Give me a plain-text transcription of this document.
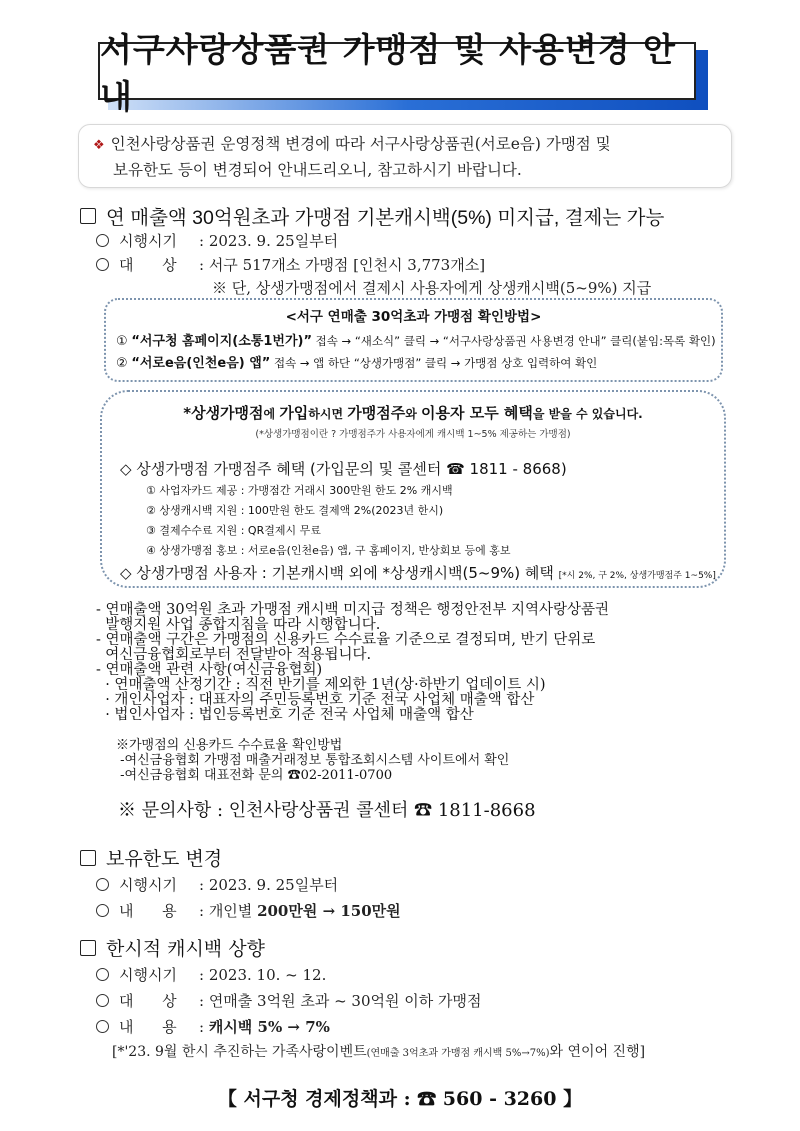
서구사랑상품권 가맹점 및 사용변경 안내
❖ 인천사랑상품권 운영정책 변경에 따라 서구사랑상품권(서로e음) 가맹점 및
보유한도 등이 변경되어 안내드리오니, 참고하시기 바랍니다.
연 매출액 30억원초과 가맹점 기본캐시백(5%) 미지급, 결제는 가능
시행시기 : 2023. 9. 25일부터
대      상 : 서구 517개소 가맹점 [인천시 3,773개소]
※ 단, 상생가맹점에서 결제시 사용자에게 상생캐시백(5~9%) 지급
<서구 연매출 30억초과 가맹점 확인방법>
① “서구청 홈페이지(소통1번가)” 접속 → “새소식” 클릭 → “서구사랑상품권 사용변경 안내” 클릭(붙임:목록 확인)
② “서로e음(인천e음) 앱” 접속 → 앱 하단 “상생가맹점” 클릭 → 가맹점 상호 입력하여 확인
*상생가맹점에 가입하시면 가맹점주와 이용자 모두 혜택을 받을 수 있습니다.
(*상생가맹점이란 ? 가맹점주가 사용자에게 캐시백 1~5% 제공하는 가맹점)
◇ 상생가맹점 가맹점주 혜택 (가입문의 및 콜센터 ☎ 1811 - 8668)
① 사업자카드 제공 : 가맹점간 거래시 300만원 한도 2% 캐시백
② 상생캐시백 지원 : 100만원 한도 결제액 2%(2023년 한시)
③ 결제수수료 지원 : QR결제시 무료
④ 상생가맹점 홍보 : 서로e음(인천e음) 앱, 구 홈페이지, 반상회보 등에 홍보
◇ 상생가맹점 사용자 : 기본캐시백 외에 *상생캐시백(5~9%) 혜택 [*시 2%, 구 2%, 상생가맹점주 1~5%]
- 연매출액 30억원 초과 가맹점 캐시백 미지급 정책은 행정안전부 지역사랑상품권
발행지원 사업 종합지침을 따라 시행합니다.
- 연매출액 구간은 가맹점의 신용카드 수수료율 기준으로 결정되며, 반기 단위로
여신금융협회로부터 전달받아 적용됩니다.
- 연매출액 관련 사항(여신금융협회)
· 연매출액 산정기간 : 직전 반기를 제외한 1년(상·하반기 업데이트 시)
· 개인사업자 : 대표자의 주민등록번호 기준 전국 사업체 매출액 합산
· 법인사업자 : 법인등록번호 기준 전국 사업체 매출액 합산
※가맹점의 신용카드 수수료율 확인방법
-여신금융협회 가맹점 매출거래정보 통합조회시스템 사이트에서 확인
-여신금융협회 대표전화 문의 ☎02-2011-0700
※ 문의사항 : 인천사랑상품권 콜센터 ☎ 1811-8668
보유한도 변경
시행시기 : 2023. 9. 25일부터
내      용 : 개인별 200만원 → 150만원
한시적 캐시백 상향
시행시기 : 2023. 10. ~ 12.
대      상 : 연매출 3억원 초과 ~ 30억원 이하 가맹점
내      용 : 캐시백 5% → 7%
[*'23. 9월 한시 추진하는 가족사랑이벤트(연매출 3억초과 가맹점 캐시백 5%→7%)와 연이어 진행]
【 서구청 경제정책과 : ☎ 560 - 3260 】
